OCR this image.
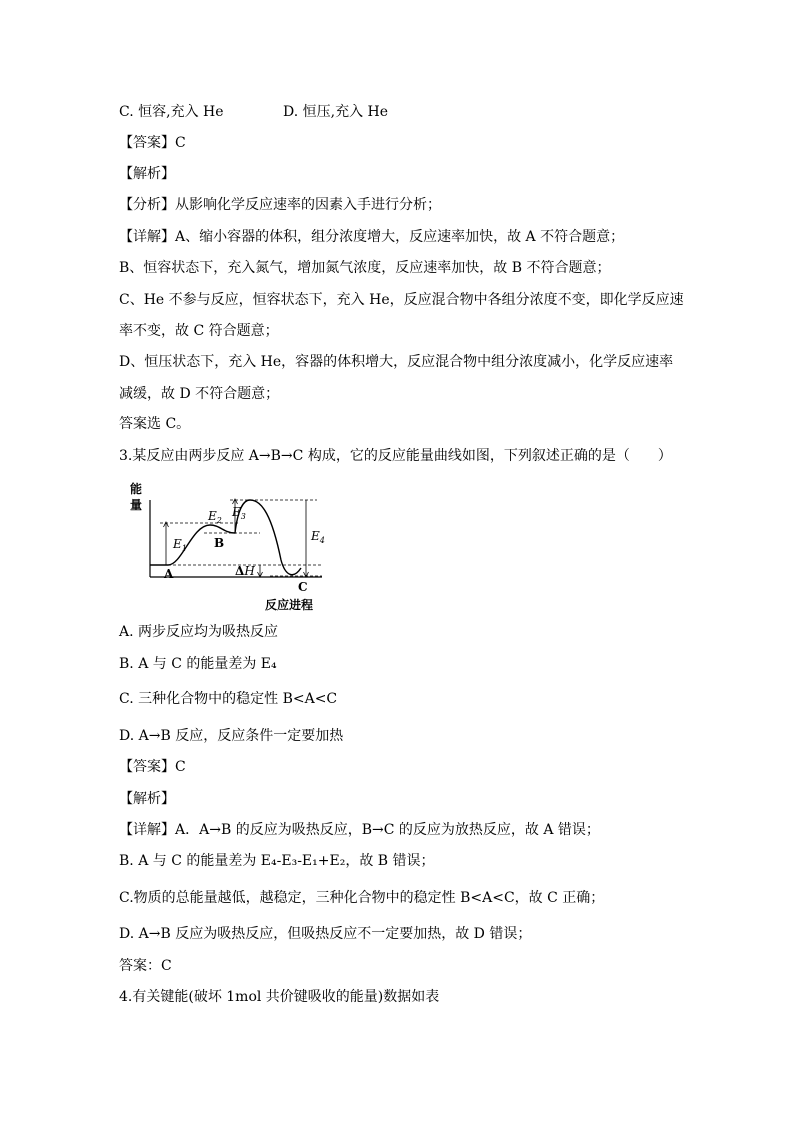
C. 恒容,充入 He	D. 恒压,充入 He
【答案】C
【解析】
【分析】从影响化学反应速率的因素入手进行分析；
【详解】A、缩小容器的体积，组分浓度增大，反应速率加快，故 A 不符合题意；
B、恒容状态下，充入氮气，增加氮气浓度，反应速率加快，故 B 不符合题意；
C、He 不参与反应，恒容状态下，充入 He，反应混合物中各组分浓度不变，即化学反应速
率不变，故 C 符合题意；
D、恒压状态下，充入 He，容器的体积增大，反应混合物中组分浓度减小，化学反应速率
减缓，故 D 不符合题意；
答案选 C。
3.某反应由两步反应 A→B→C 构成，它的反应能量曲线如图，下列叙述正确的是（　　）
能
量
反应进程
A
B
C
$E_1$
$E_2$
$E_3$
$E_4$
ΔH
A. 两步反应均为吸热反应
B. A 与 C 的能量差为 E₄
C. 三种化合物中的稳定性 B<A<C
D. A→B 反应，反应条件一定要加热
【答案】C
【解析】
【详解】A．A→B 的反应为吸热反应，B→C 的反应为放热反应，故 A 错误；
B. A 与 C 的能量差为 E₄-E₃-E₁+E₂，故 B 错误；
C.物质的总能量越低，越稳定，三种化合物中的稳定性 B<A<C，故 C 正确；
D. A→B 反应为吸热反应，但吸热反应不一定要加热，故 D 错误；
答案：C
4.有关键能(破坏 1mol 共价键吸收的能量)数据如表
